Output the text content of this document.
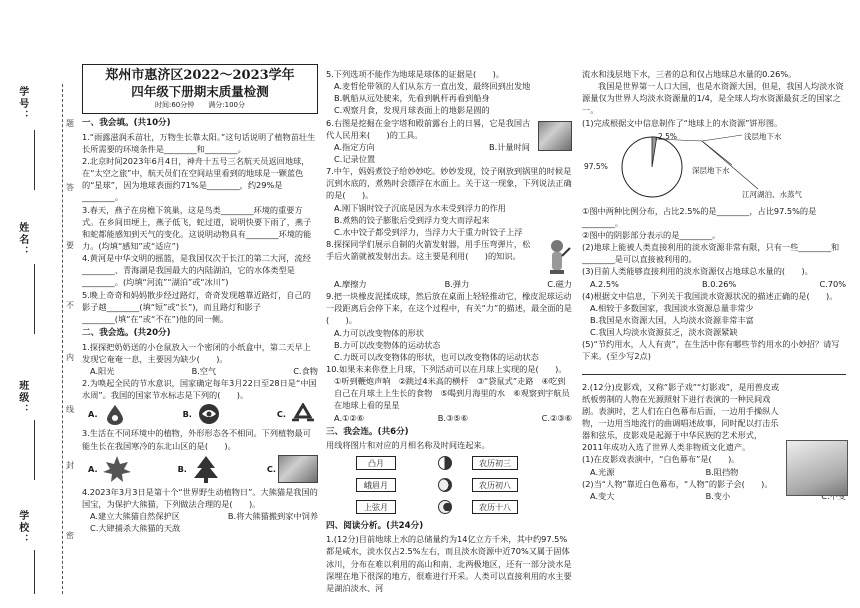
学号：
姓名：
班级：
学校：
题
答
要
不
内
线
封
密
郑州市惠济区2022～2023学年
四年级下册期末质量检测
时间:60分钟　　满分:100分
一、我会填。(共10分)

1.“雨露滋润禾苗壮，万物生长靠太阳。”这句话说明了植物苗壮生长所需要的环境条件是________和________。

2.北京时间2023年6月4日，神舟十五号三名航天员返回地球，在“太空之旅”中，航天员们在空间站里看到的地球是一颗蓝色的“星球”，因为地球表面约71%是________，约29%是________。

3.春天，燕子在房檐下筑巢，这是鸟类________环境的重要方式。在乡间田埂上，燕子低飞，蛇过道，说明快要下雨了，燕子和蛇都能感知到天气的变化。这说明动物具有________环境的能力。(均填“感知”或“适应”)

4.黄河是中华文明的摇篮，是我国仅次于长江的第二大河，流经________、青海湖是我国最大的内陆湖泊，它的水体类型是________。(均填“河流”“湖泊”或“冰川”)

5.晚上奇奇和妈妈散步经过路灯，奇奇发现越靠近路灯，自己的影子越________(填“短”或“长”)，而且路灯和影子________(填“在”或“不在”)他的同一侧。

二、我会选。(共20分)

1.探探把奶奶送的小仓鼠放入一个密闭的小纸盒中，第二天早上发现它奄奄一息，主要因为缺少(　　)。

A.阳光	B.空气	C.食物

2.为唤起全民的节水意识，国家确定每年3月22日至28日是“中国水周”。我国的国家节水标志是下列的(　　)。

A.	B.	C.

3.生活在不同环境中的植物，外形形态各不相同。下列植物最可能生长在我国寒冷的东北山区的是(　　)。

A.	B.	C.

4.2023年3月3日是第十个“世界野生动植物日”。大熊猫是我国的国宝，为保护大熊猫，下列做法合理的是(　　)。

A.建立大熊猫自然保护区	B.将大熊猫搬到家中饲养
C.大肆捕杀大熊猫的天敌

5.下列选项不能作为地球是球体的证据是(　　)。

A.麦哲伦带领的人们从东方一直出发，最终回到出发地
B.帆船从远处驶来，先看到帆杆再看到船身
C.观察月食，发现月球表面上的地影是圆的

6.右图是挖掘在金字塔和殿前露台上的日晷，它是我国古代人民用来(　　)的工具。

A.指定方向	B.计量时间
C.记录位置

7.中午，妈妈煮饺子给妙妙吃。妙妙发现，饺子刚放到锅里的时候是沉到水底的，煮熟时会漂浮在水面上。关于这一现象，下列说法正确的是(　　)。

A.刚下锅时饺子沉底是因为水未受到浮力的作用
B.煮熟的饺子膨胀后受到浮力变大而浮起来
C.水中饺子都受到浮力，当浮力大于重力时饺子上浮

8.探探同学们展示自制的火箭发射器，用手压弯弹片，松手后火箭就被发射出去。这主要是利用(　　)的知识。

A.摩擦力	B.弹力	C.磁力

9.把一块橡皮泥揉成球，然后放在桌面上轻轻推动它，橡皮泥球运动一段距离后会停下来，在这个过程中，有关“力”的描述，最全面的是(　　)。

A.力可以改变物体的形状
B.力可以改变物体的运动状态
C.力既可以改变物体的形状，也可以改变物体的运动状态

10.如果未来你登上月球，下列活动可以在月球上实现的是(　　)。

①听到鞭炮声响　②跳过4米高的横杆　③“袋鼠式”走路　④吃到自己在月球土上生长的食物　⑤喝到月海里的水　⑥观察到宇航员在地球上看的星星

A.①②⑥	B.③⑤⑥	C.②③⑥
三、我会连。(共6分)

用线将图片和对应的月相名称及时间连起来。

凸月
峨眉月
上弦月
农历初三
农历初八
农历十八
四、阅读分析。(共24分)

1.(12分)目前地球上水的总储量约为14亿立方千米，其中约97.5%都是咸水，淡水仅占2.5%左右，而且淡水资源中近70%又属于固体冰川，分布在难以利用的高山和南、北两极地区，还有一部分淡水是深埋在地下很深的地方，很难进行开采。人类可以直接利用的水主要是湖泊淡水、河

流水和浅层地下水，三者的总和仅占地球总水量的0.26%。

我国是世界第一人口大国，也是水资源大国，但是，我国人均淡水资源量仅为世界人均淡水资源量的1/4，是全球人均水资源最贫乏的国家之一。

(1)完成根据文中信息制作了“地球上的水资源”饼形图。

2.5%
97.5%
浅层地下水
深层地下水
江河湖泊、水蒸气

①图中两种比例分布，占比2.5%的是________，占比97.5%的是________。

②图中的阴影部分表示的是________。

(2)地球上能被人类直接利用的淡水资源非常有限，只有一些________和________是可以直接被利用的。

(3)目前人类能够直接利用的淡水资源仅占地球总水量的(　　)。

A.2.5%	B.0.26%	C.70%

(4)根据文中信息，下列关于我国淡水资源状况的描述正确的是(　　)。

A.相较于多数国家，我国淡水资源总量非常少
B.我国是水资源大国，人均淡水资源非常丰富
C.我国人均淡水资源贫乏，淡水资源紧缺

(5)“节约用水，人人有责”，在生活中你有哪些节约用水的小妙招？请写下来。(至少写2点)

2.(12分)皮影戏，又称“影子戏”“灯影戏”，是用兽皮或纸板剪制的人物在光源照射下进行表演的一种民间戏剧。表演时，艺人们在白色幕布后面，一边用手操纵人物，一边用当地流行的曲调唱述故事，同时配以打击乐器和弦乐，皮影戏是起源于中华民族的艺术形式，2011年成功入选了世界人类非物质文化遗产。

(1)在皮影戏表演中，“白色幕布”是(　　)。

A.光源	B.阻挡物

(2)当“人物”靠近白色幕布，“人物”的影子会(　　)。

A.变大	B.变小
